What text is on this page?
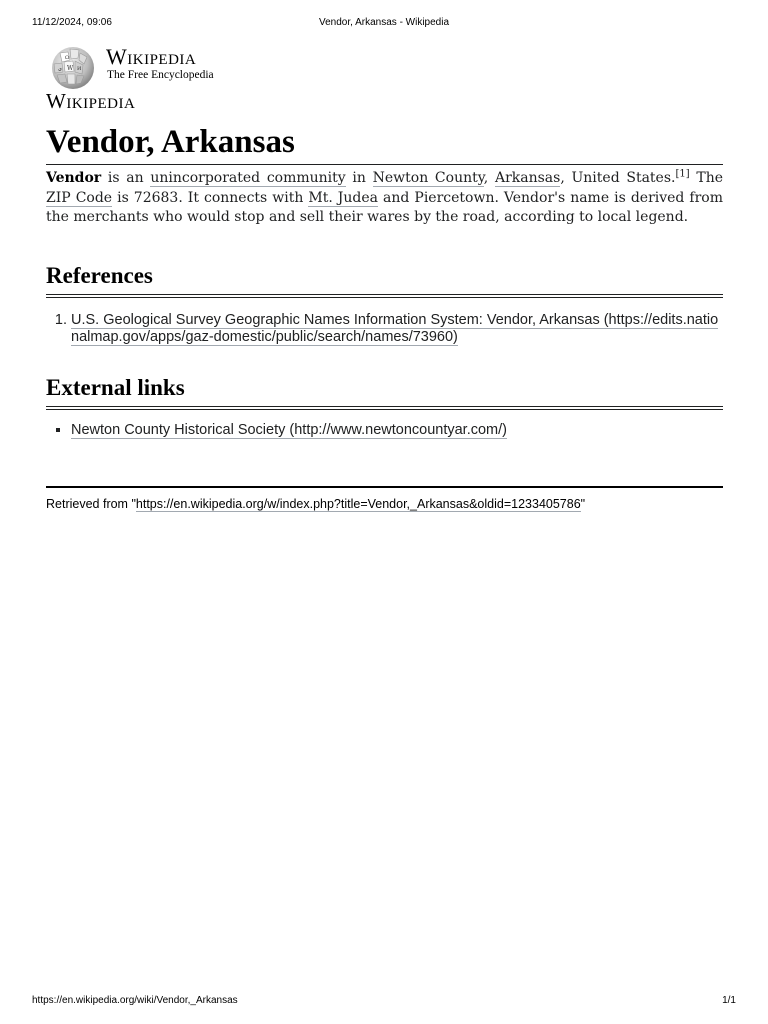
11/12/2024, 09:06	Vendor, Arkansas - Wikipedia
Ω
W И
ي Wikipedia
The Free Encyclopedia
Wikipedia
Vendor, Arkansas

Vendor is an unincorporated community in Newton County, Arkansas, United States.[1] The ZIP Code is 72683. It connects with Mt. Judea and Piercetown. Vendor's name is derived from the merchants who would stop and sell their wares by the road, according to local legend.

References
1. U.S. Geological Survey Geographic Names Information System: Vendor, Arkansas (https://edits.nationalmap.gov/apps/gaz-domestic/public/search/names/73960)
External links
▪ Newton County Historical Society (http://www.newtoncountyar.com/)
Retrieved from "https://en.wikipedia.org/w/index.php?title=Vendor,_Arkansas&oldid=1233405786"
https://en.wikipedia.org/wiki/Vendor,_Arkansas	1/1
